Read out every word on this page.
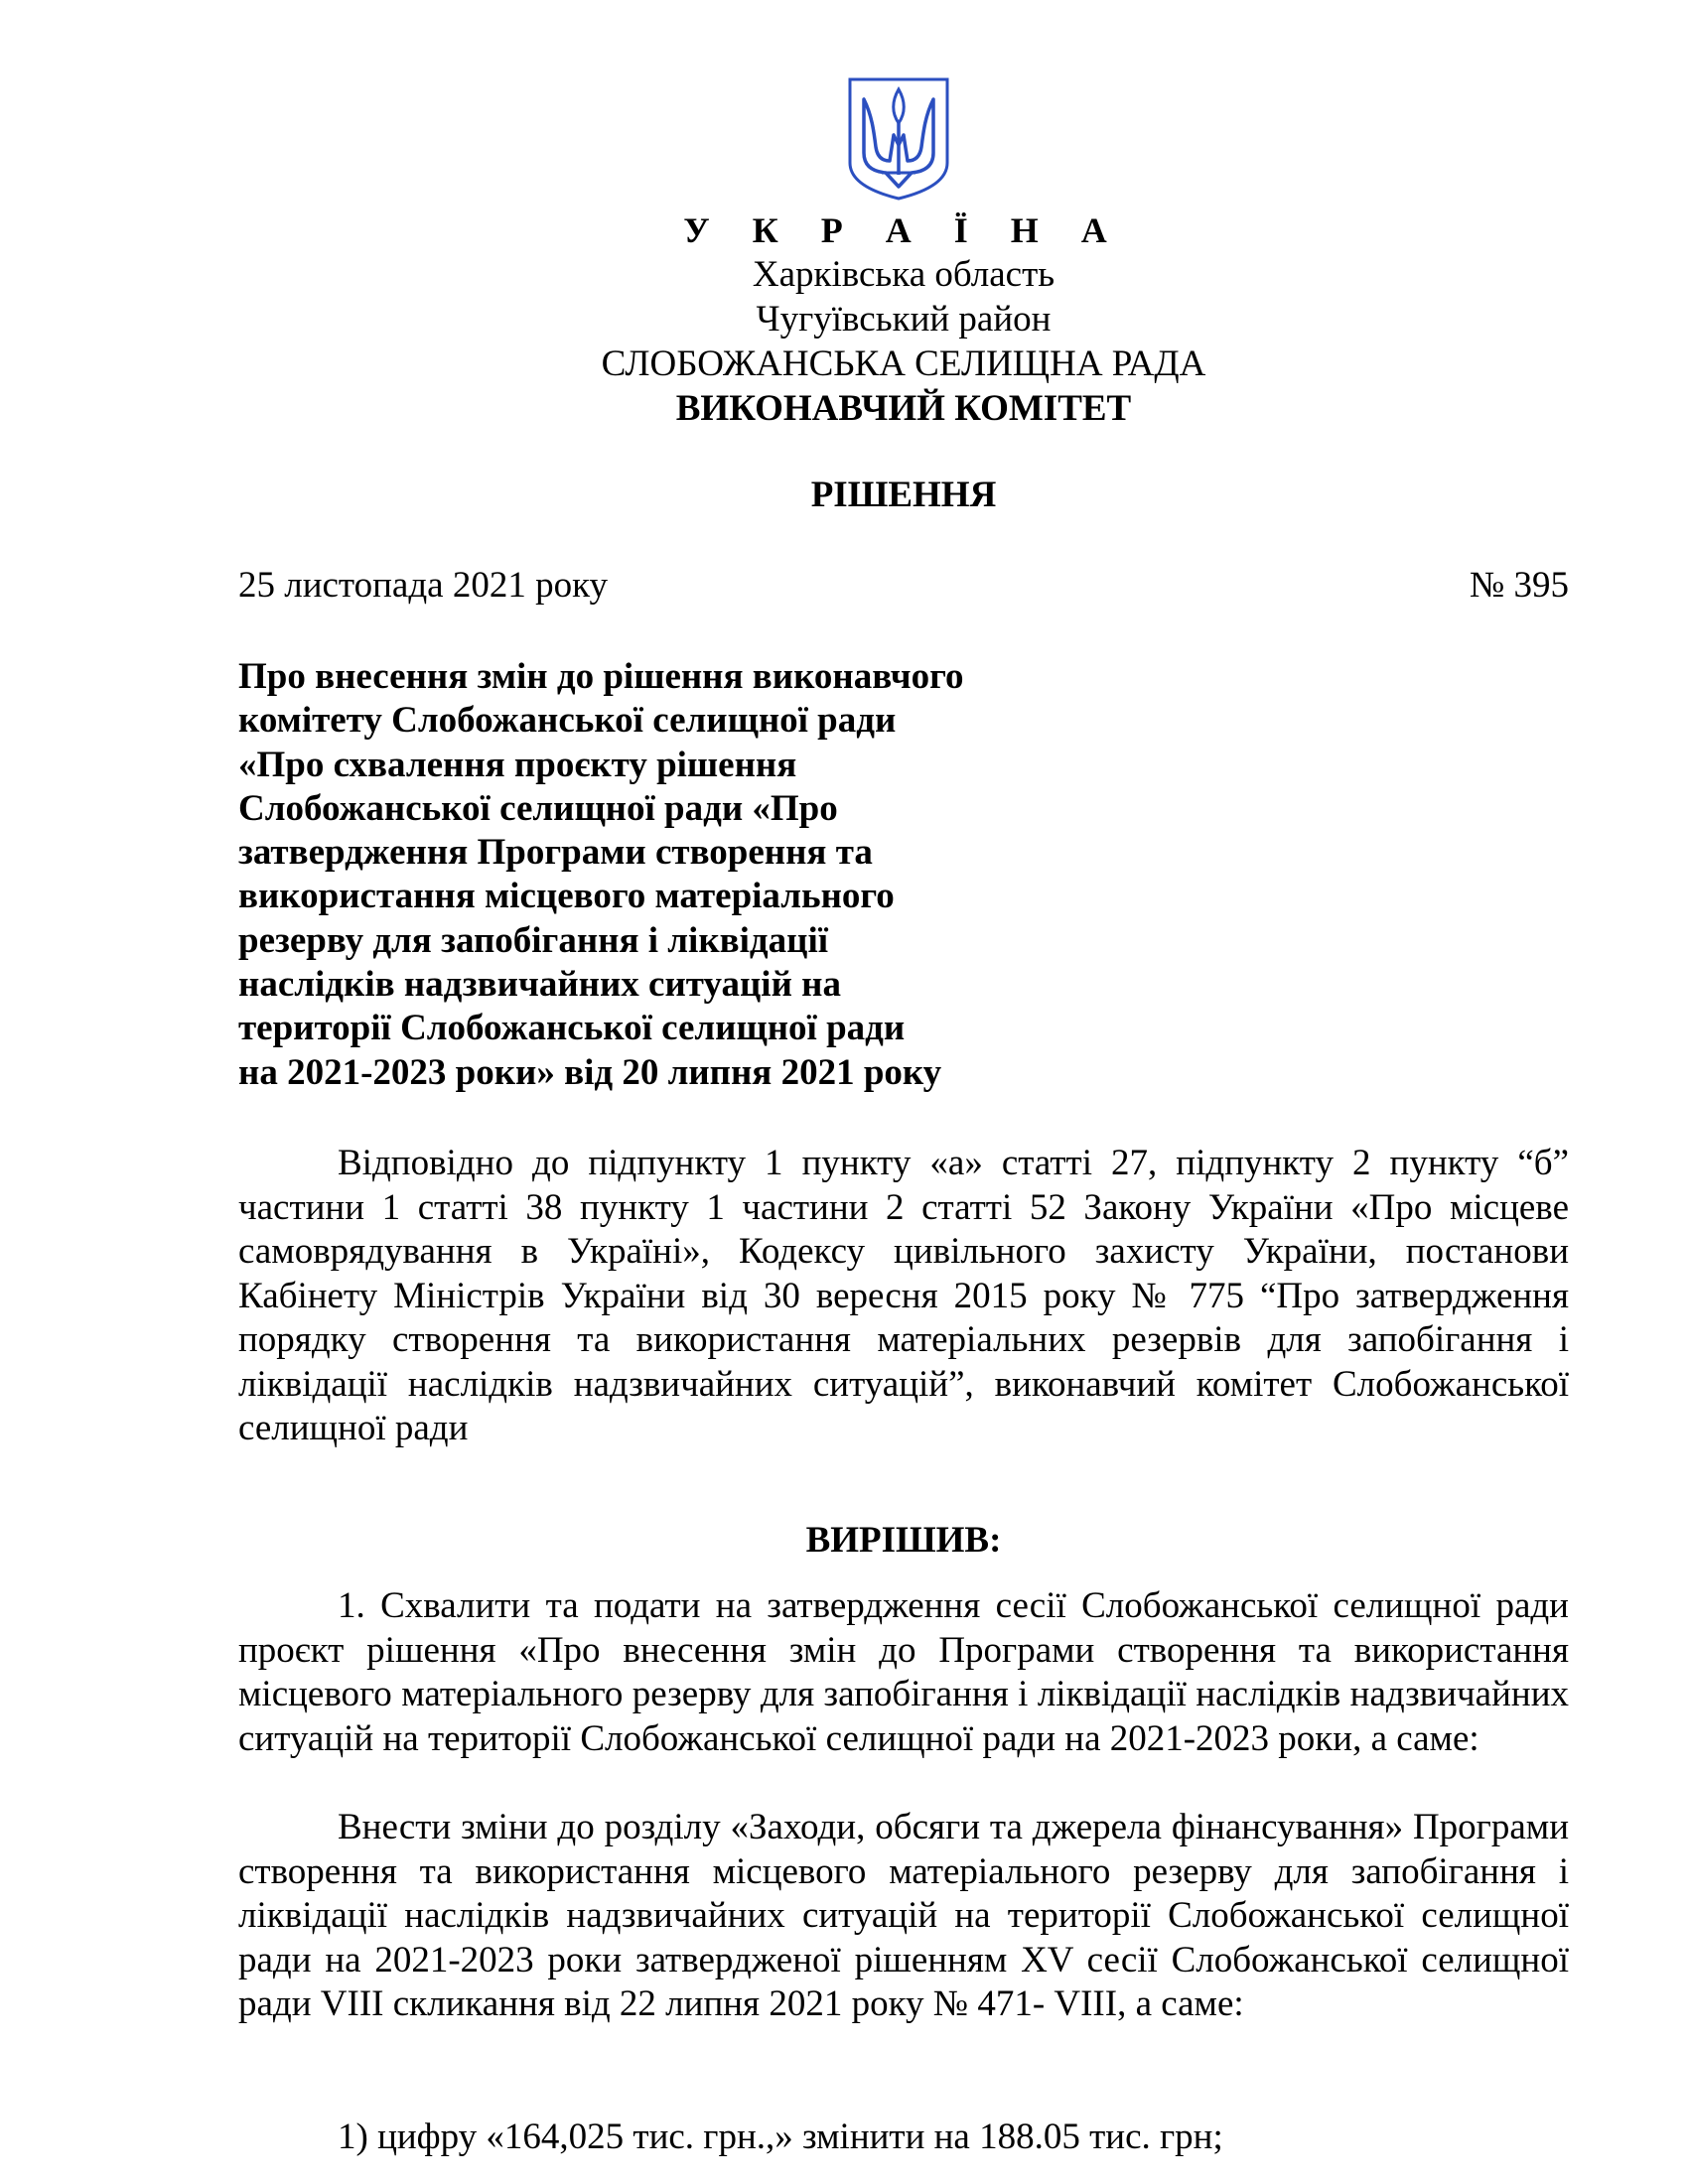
У К Р А Ї Н А
Харківська область
Чугуївський район
СЛОБОЖАНСЬКА СЕЛИЩНА РАДА
ВИКОНАВЧИЙ КОМІТЕТ
РІШЕННЯ
25 листопада 2021 року	№ 395
Про внесення змін до рішення виконавчого
комітету Слобожанської селищної ради
«Про схвалення проєкту рішення
Слобожанської селищної ради «Про
затвердження Програми створення та
використання місцевого матеріального
резерву для запобігання і ліквідації
наслідків надзвичайних ситуацій на
території Слобожанської селищної ради
на 2021-2023 роки» від 20 липня 2021 року
Відповідно до підпункту 1 пункту «а» статті 27, підпункту 2 пункту “б” частини 1 статті 38 пункту 1 частини 2 статті 52 Закону України «Про місцеве самоврядування в Україні», Кодексу цивільного захисту України, постанови Кабінету Міністрів України від 30 вересня 2015 року № 775 “Про затвердження порядку створення та використання матеріальних резервів для запобігання і ліквідації наслідків надзвичайних ситуацій”, виконавчий комітет Слобожанської селищної ради
ВИРІШИВ:
1. Схвалити та подати на затвердження сесії Слобожанської селищної ради проєкт рішення «Про внесення змін до Програми створення та використання місцевого матеріального резерву для запобігання і ліквідації наслідків надзвичайних ситуацій на території Слобожанської селищної ради на 2021-2023 роки, а саме:
Внести зміни до розділу «Заходи, обсяги та джерела фінансування» Програми створення та використання місцевого матеріального резерву для запобігання і ліквідації наслідків надзвичайних ситуацій на території Слобожанської селищної ради на 2021-2023 роки затвердженої рішенням XV сесії Слобожанської селищної ради VIII скликання від 22 липня 2021 року № 471- VIII, а саме:
1) цифру «164,025 тис. грн.,» змінити на 188.05 тис. грн;
